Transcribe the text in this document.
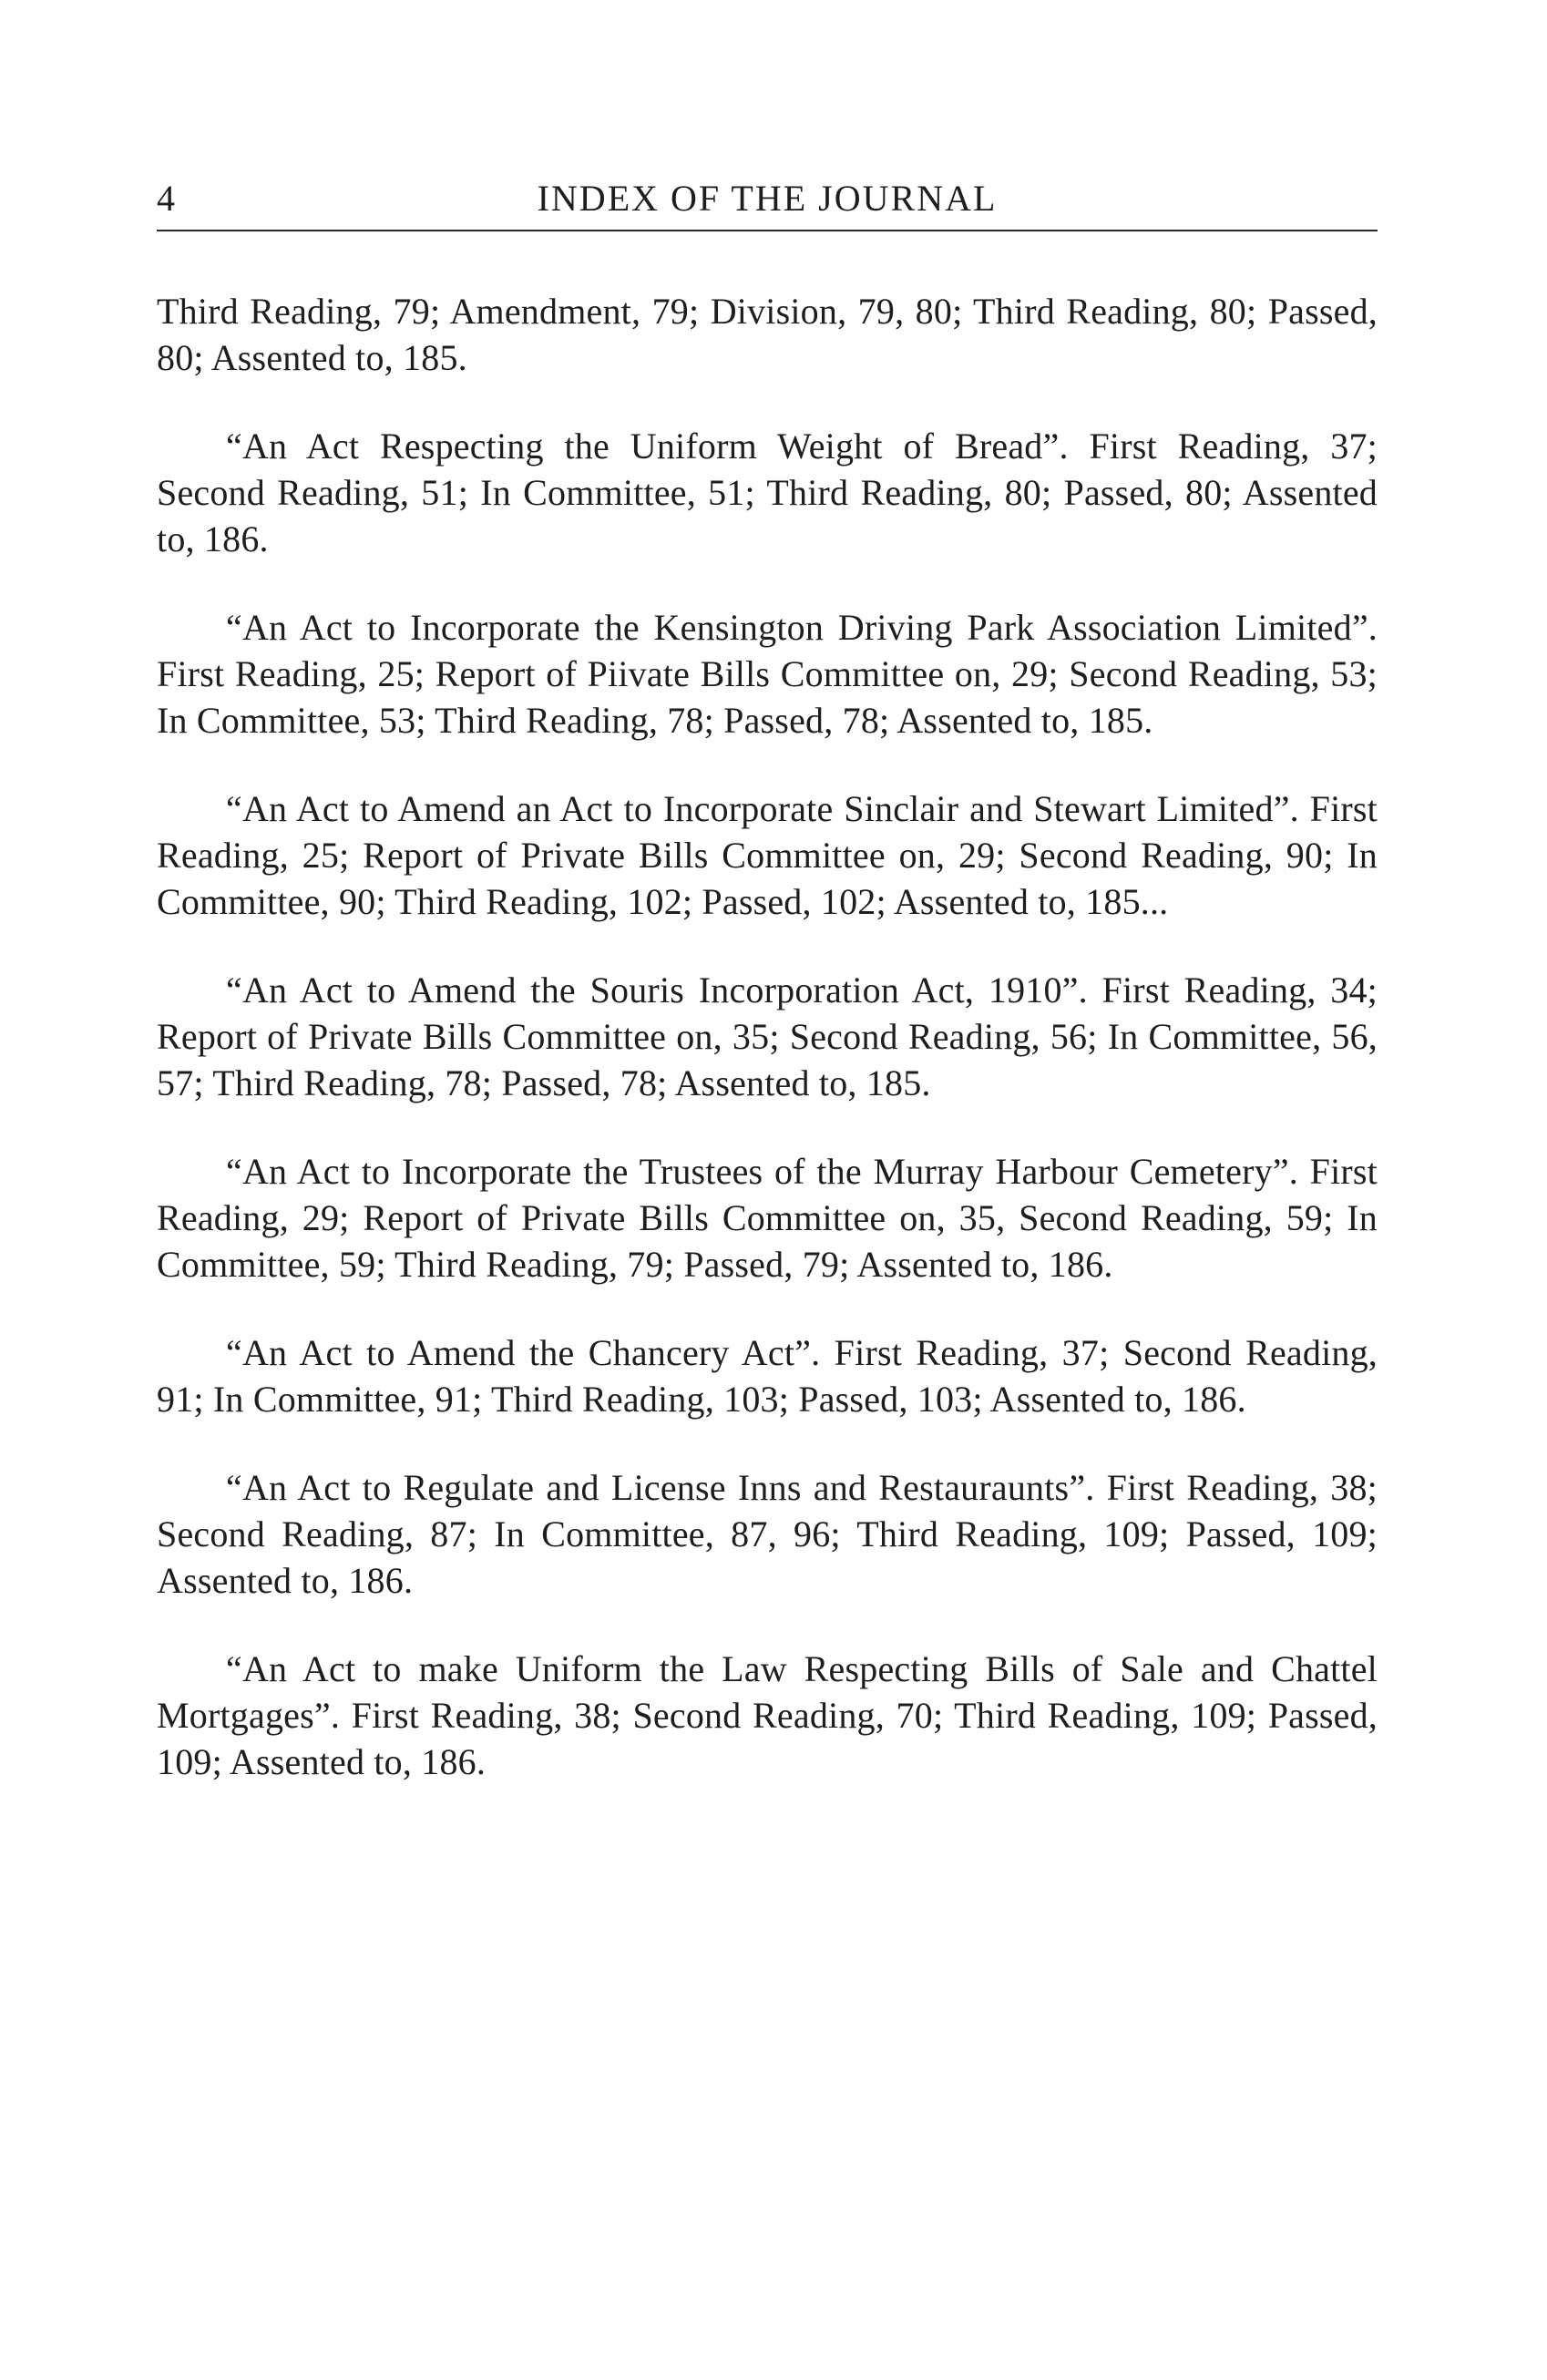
4	INDEX OF THE JOURNAL

Third Reading, 79; Amendment, 79; Division, 79, 80; Third Reading, 80; Passed, 80; Assented to, 185.

“An Act Respecting the Uniform Weight of Bread”. First Reading, 37; Second Reading, 51; In Committee, 51; Third Reading, 80; Passed, 80; Assented to, 186.

“An Act to Incorporate the Kensington Driving Park Association Limited”. First Reading, 25; Report of Piivate Bills Committee on, 29; Second Reading, 53; In Committee, 53; Third Reading, 78; Passed, 78; Assented to, 185.

“An Act to Amend an Act to Incorporate Sinclair and Stewart Limited”. First Reading, 25; Report of Private Bills Committee on, 29; Second Reading, 90; In Committee, 90; Third Reading, 102; Passed, 102; Assented to, 185...

“An Act to Amend the Souris Incorporation Act, 1910”. First Reading, 34; Report of Private Bills Committee on, 35; Second Reading, 56; In Committee, 56, 57; Third Reading, 78; Passed, 78; Assented to, 185.

“An Act to Incorporate the Trustees of the Murray Harbour Cemetery”. First Reading, 29; Report of Private Bills Committee on, 35, Second Reading, 59; In Committee, 59; Third Reading, 79; Passed, 79; Assented to, 186.

“An Act to Amend the Chancery Act”. First Reading, 37; Second Reading, 91; In Committee, 91; Third Reading, 103; Passed, 103; Assented to, 186.

“An Act to Regulate and License Inns and Restauraunts”. First Reading, 38; Second Reading, 87; In Committee, 87, 96; Third Reading, 109; Passed, 109; Assented to, 186.

“An Act to make Uniform the Law Respecting Bills of Sale and Chattel Mortgages”. First Reading, 38; Second Reading, 70; Third Reading, 109; Passed, 109; Assented to, 186.
